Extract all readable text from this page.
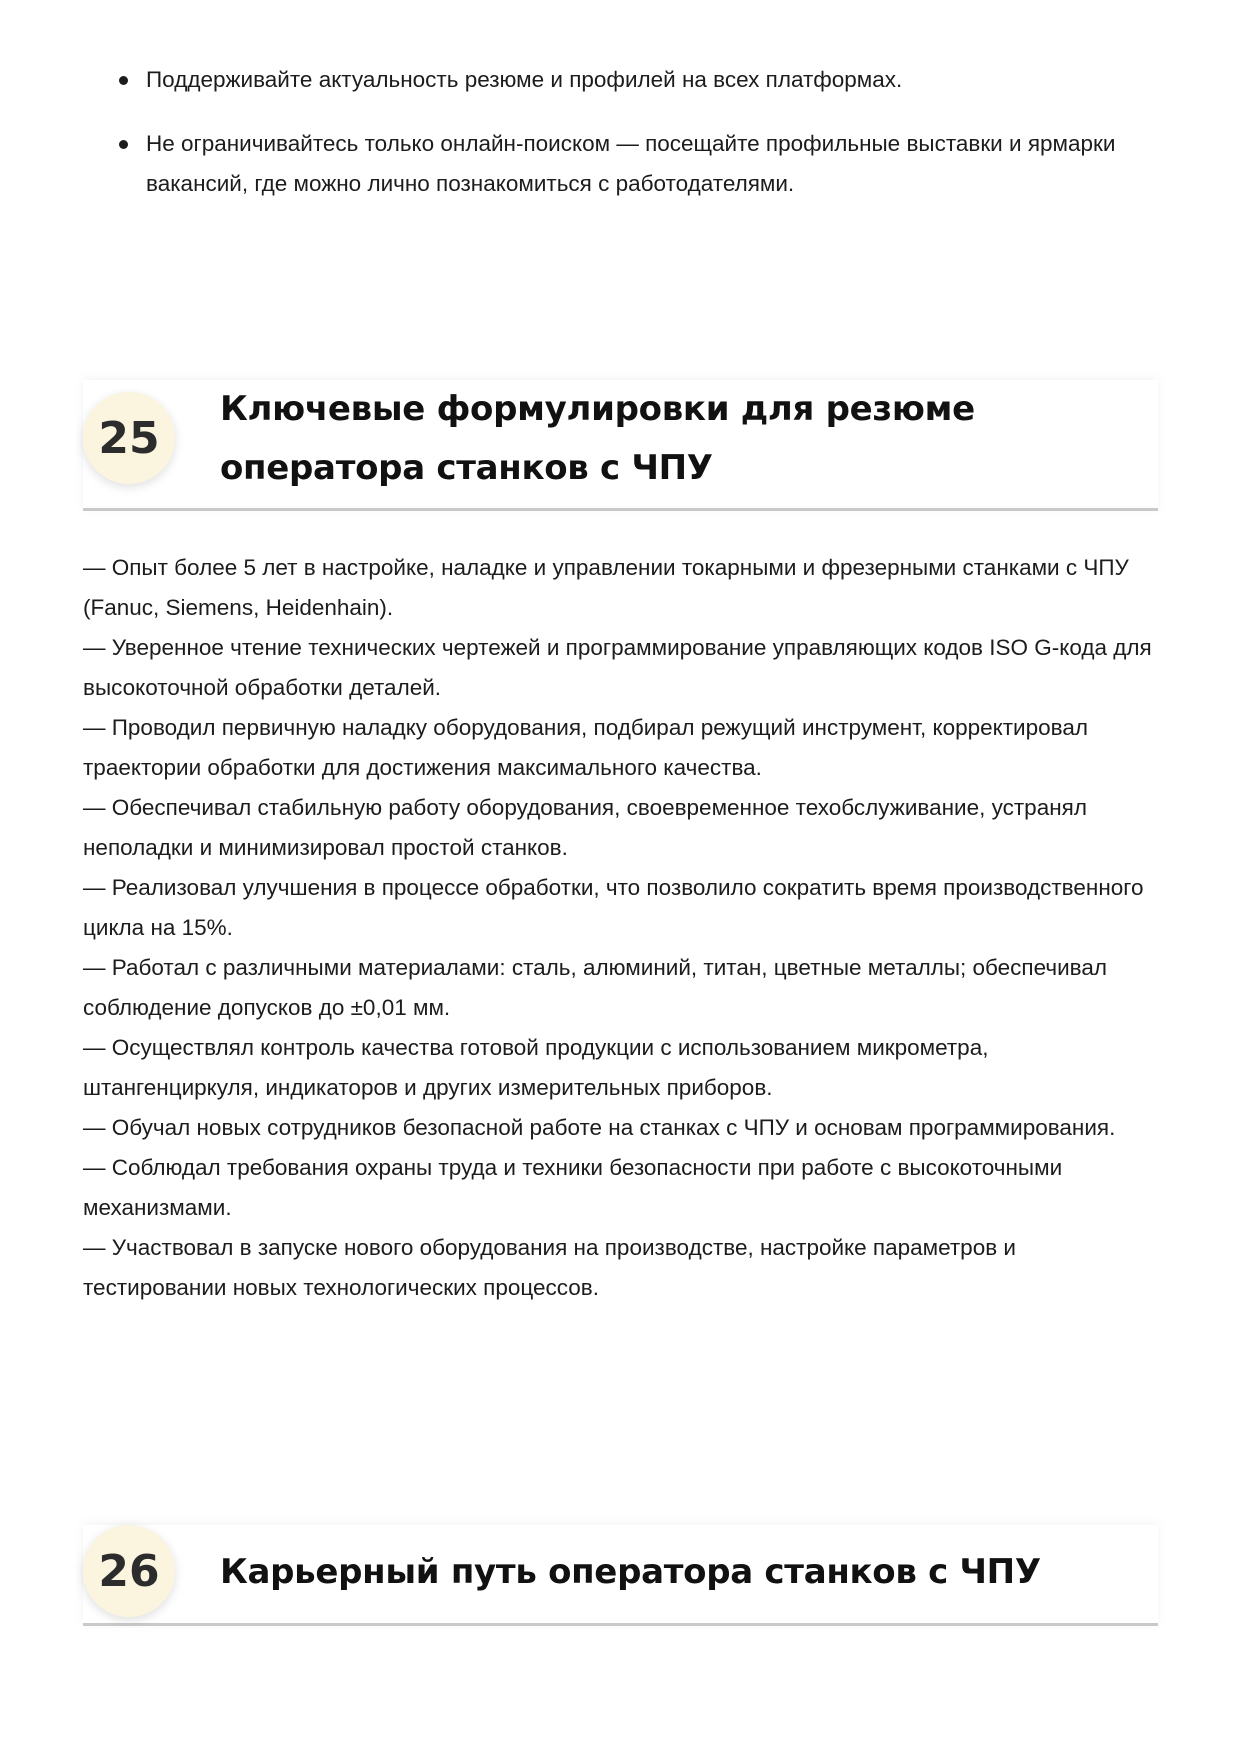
Поддерживайте актуальность резюме и профилей на всех платформах.
Не ограничивайтесь только онлайн-поиском — посещайте профильные выставки и ярмарки вакансий, где можно лично познакомиться с работодателями.
25
Ключевые формулировки для резюме оператора станков с ЧПУ

— Опыт более 5 лет в настройке, наладке и управлении токарными и фрезерными станками с ЧПУ (Fanuc, Siemens, Heidenhain).

— Уверенное чтение технических чертежей и программирование управляющих кодов ISO G-кода для высокоточной обработки деталей.

— Проводил первичную наладку оборудования, подбирал режущий инструмент, корректировал траектории обработки для достижения максимального качества.

— Обеспечивал стабильную работу оборудования, своевременное техобслуживание, устранял неполадки и минимизировал простой станков.

— Реализовал улучшения в процессе обработки, что позволило сократить время производственного цикла на 15%.

— Работал с различными материалами: сталь, алюминий, титан, цветные металлы; обеспечивал соблюдение допусков до ±0,01 мм.

— Осуществлял контроль качества готовой продукции с использованием микрометра, штангенциркуля, индикаторов и других измерительных приборов.

— Обучал новых сотрудников безопасной работе на станках с ЧПУ и основам программирования.

— Соблюдал требования охраны труда и техники безопасности при работе с высокоточными механизмами.

— Участвовал в запуске нового оборудования на производстве, настройке параметров и тестировании новых технологических процессов.

26	Карьерный путь оператора станков с ЧПУ
